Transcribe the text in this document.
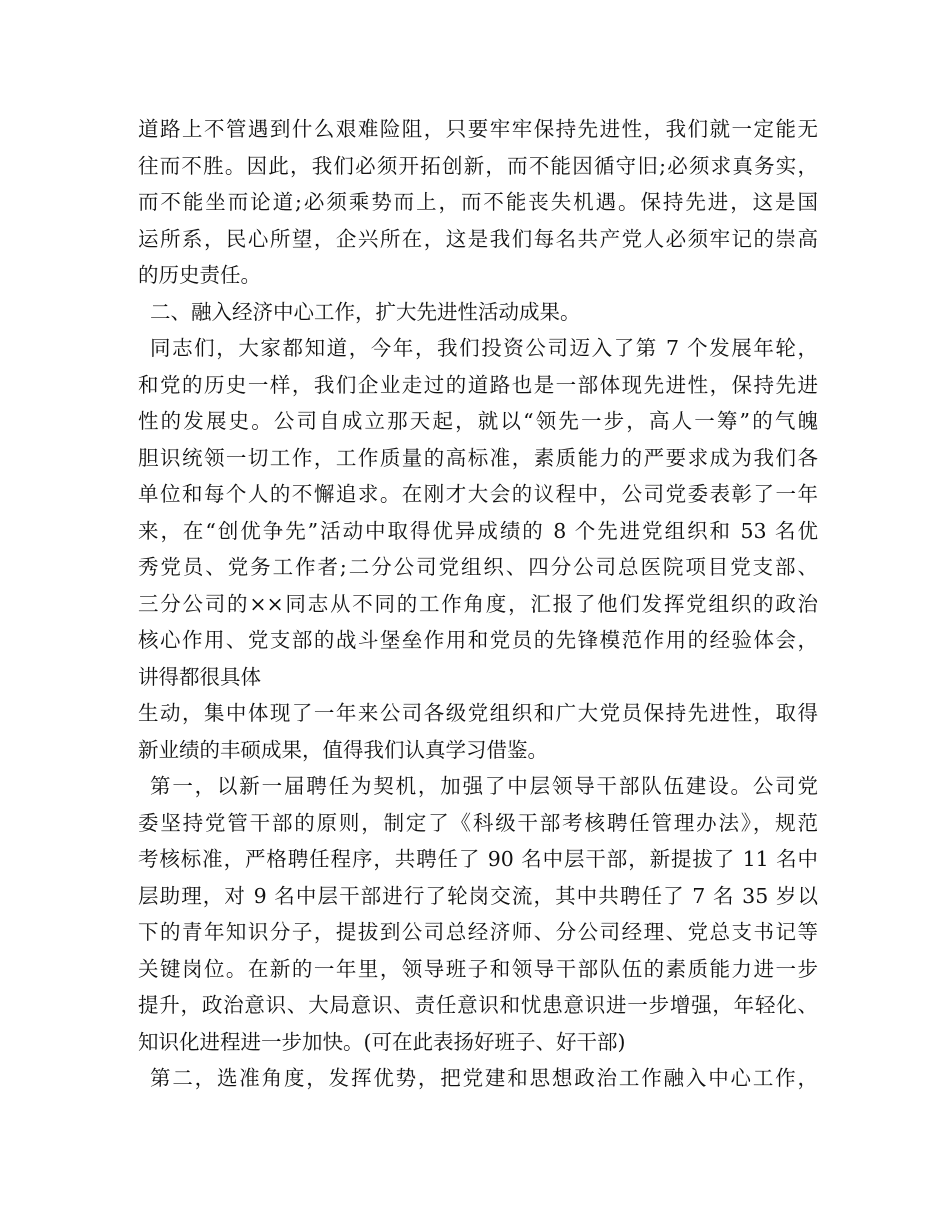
道路上不管遇到什么艰难险阻，只要牢牢保持先进性，我们就一定能无
往而不胜。因此，我们必须开拓创新，而不能因循守旧;必须求真务实，
而不能坐而论道;必须乘势而上，而不能丧失机遇。保持先进，这是国
运所系，民心所望，企兴所在，这是我们每名共产党人必须牢记的崇高
的历史责任。
二、融入经济中心工作，扩大先进性活动成果。
同志们，大家都知道，今年，我们投资公司迈入了第 7 个发展年轮，
和党的历史一样，我们企业走过的道路也是一部体现先进性，保持先进
性的发展史。公司自成立那天起，就以“领先一步，高人一筹”的气魄
胆识统领一切工作，工作质量的高标准，素质能力的严要求成为我们各
单位和每个人的不懈追求。在刚才大会的议程中，公司党委表彰了一年
来，在“创优争先”活动中取得优异成绩的 8 个先进党组织和 53 名优
秀党员、党务工作者;二分公司党组织、四分公司总医院项目党支部、
三分公司的××同志从不同的工作角度，汇报了他们发挥党组织的政治
核心作用、党支部的战斗堡垒作用和党员的先锋模范作用的经验体会，
讲得都很具体
生动，集中体现了一年来公司各级党组织和广大党员保持先进性，取得
新业绩的丰硕成果，值得我们认真学习借鉴。
第一，以新一届聘任为契机，加强了中层领导干部队伍建设。公司党
委坚持党管干部的原则，制定了《科级干部考核聘任管理办法》，规范
考核标准，严格聘任程序，共聘任了 90 名中层干部，新提拔了 11 名中
层助理，对 9 名中层干部进行了轮岗交流，其中共聘任了 7 名 35 岁以
下的青年知识分子，提拔到公司总经济师、分公司经理、党总支书记等
关键岗位。在新的一年里，领导班子和领导干部队伍的素质能力进一步
提升，政治意识、大局意识、责任意识和忧患意识进一步增强，年轻化、
知识化进程进一步加快。(可在此表扬好班子、好干部)
第二，选准角度，发挥优势，把党建和思想政治工作融入中心工作，
